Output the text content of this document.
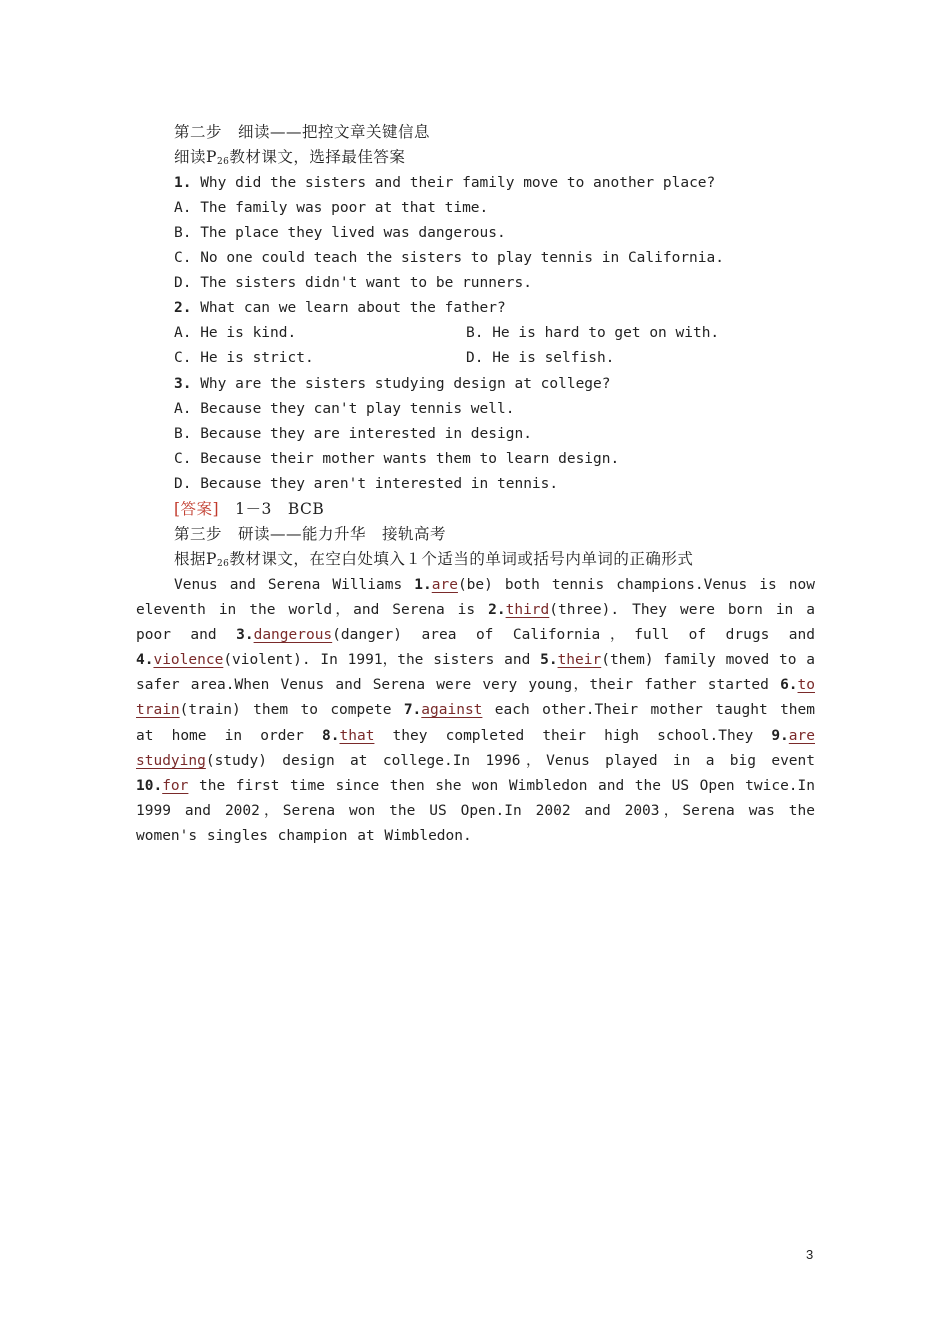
第二步　细读——把控文章关键信息
细读$P_{26}$教材课文，选择最佳答案
1. Why did the sisters and their family move to another place?
A. The family was poor at that time.
B. The place they lived was dangerous.
C. No one could teach the sisters to play tennis in California.
D. The sisters didn't want to be runners.
2. What can we learn about the father?
A. He is kind.	B. He is hard to get on with.
C. He is strict.	D. He is selfish.
3. Why are the sisters studying design at college?
A. Because they can't play tennis well.
B. Because they are interested in design.
C. Because their mother wants them to learn design.
D. Because they aren't interested in tennis.
[答案]　1－3　BCB
第三步　研读——能力升华　接轨高考
根据$P_{26}$教材课文，在空白处填入１个适当的单词或括号内单词的正确形式
Venus and Serena Williams 1.are(be) both tennis champions.Venus is now eleventh in the world，and Serena is 2.third(three). They were born in a poor and 3.dangerous(danger) area of California，full of drugs and 4.violence(violent). In 1991，the sisters and 5.their(them) family moved to a safer area.When Venus and Serena were very young，their father started 6.to train(train) them to compete 7.against each other.Their mother taught them at home in order 8.that they completed their high school.They 9.are studying(study) design at college.In 1996，Venus played in a big event 10.for the first time since then she won Wimbledon and the US Open twice.In 1999 and 2002，Serena won the US Open.In 2002 and 2003，Serena was the women's singles champion at Wimbledon.
3
